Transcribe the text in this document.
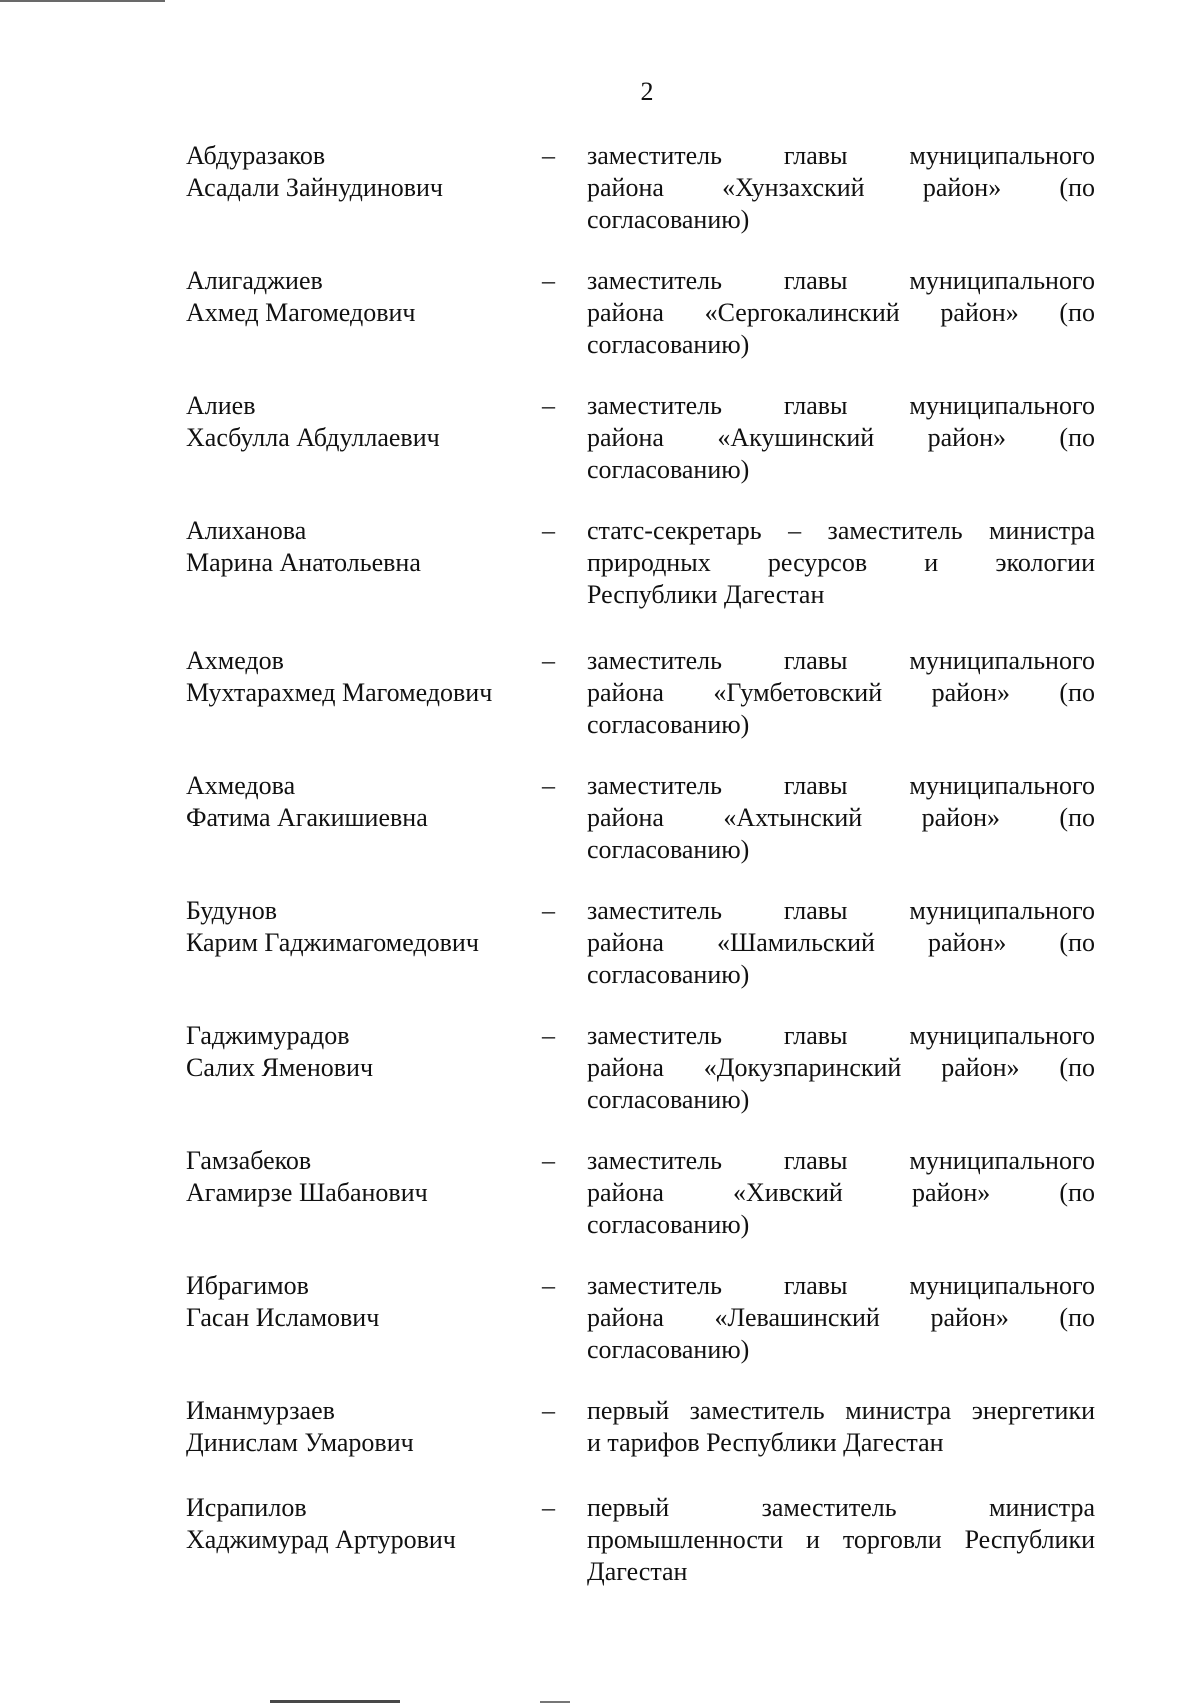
2
Абдуразаков
Асадали Зайнудинович
– заместитель главы муниципального
района «Хунзахский район» (по
согласованию)
Алигаджиев
Ахмед Магомедович
– заместитель главы муниципального
района «Сергокалинский район» (по
согласованию)
Алиев
Хасбулла Абдуллаевич
– заместитель главы муниципального
района «Акушинский район» (по
согласованию)
Алиханова
Марина Анатольевна
– статс-секретарь – заместитель министра
природных ресурсов и экологии
Республики Дагестан
Ахмедов
Мухтарахмед Магомедович
– заместитель главы муниципального
района «Гумбетовский район» (по
согласованию)
Ахмедова
Фатима Агакишиевна
– заместитель главы муниципального
района «Ахтынский район» (по
согласованию)
Будунов
Карим Гаджимагомедович
– заместитель главы муниципального
района «Шамильский район» (по
согласованию)
Гаджимурадов
Салих Яменович
– заместитель главы муниципального
района «Докузпаринский район» (по
согласованию)
Гамзабеков
Агамирзе Шабанович
– заместитель главы муниципального
района «Хивский район» (по
согласованию)
Ибрагимов
Гасан Исламович
– заместитель главы муниципального
района «Левашинский район» (по
согласованию)
Иманмурзаев
Динислам Умарович
– первый заместитель министра энергетики
и тарифов Республики Дагестан
Исрапилов
Хаджимурад Артурович
– первый заместитель министра
промышленности и торговли Республики
Дагестан
